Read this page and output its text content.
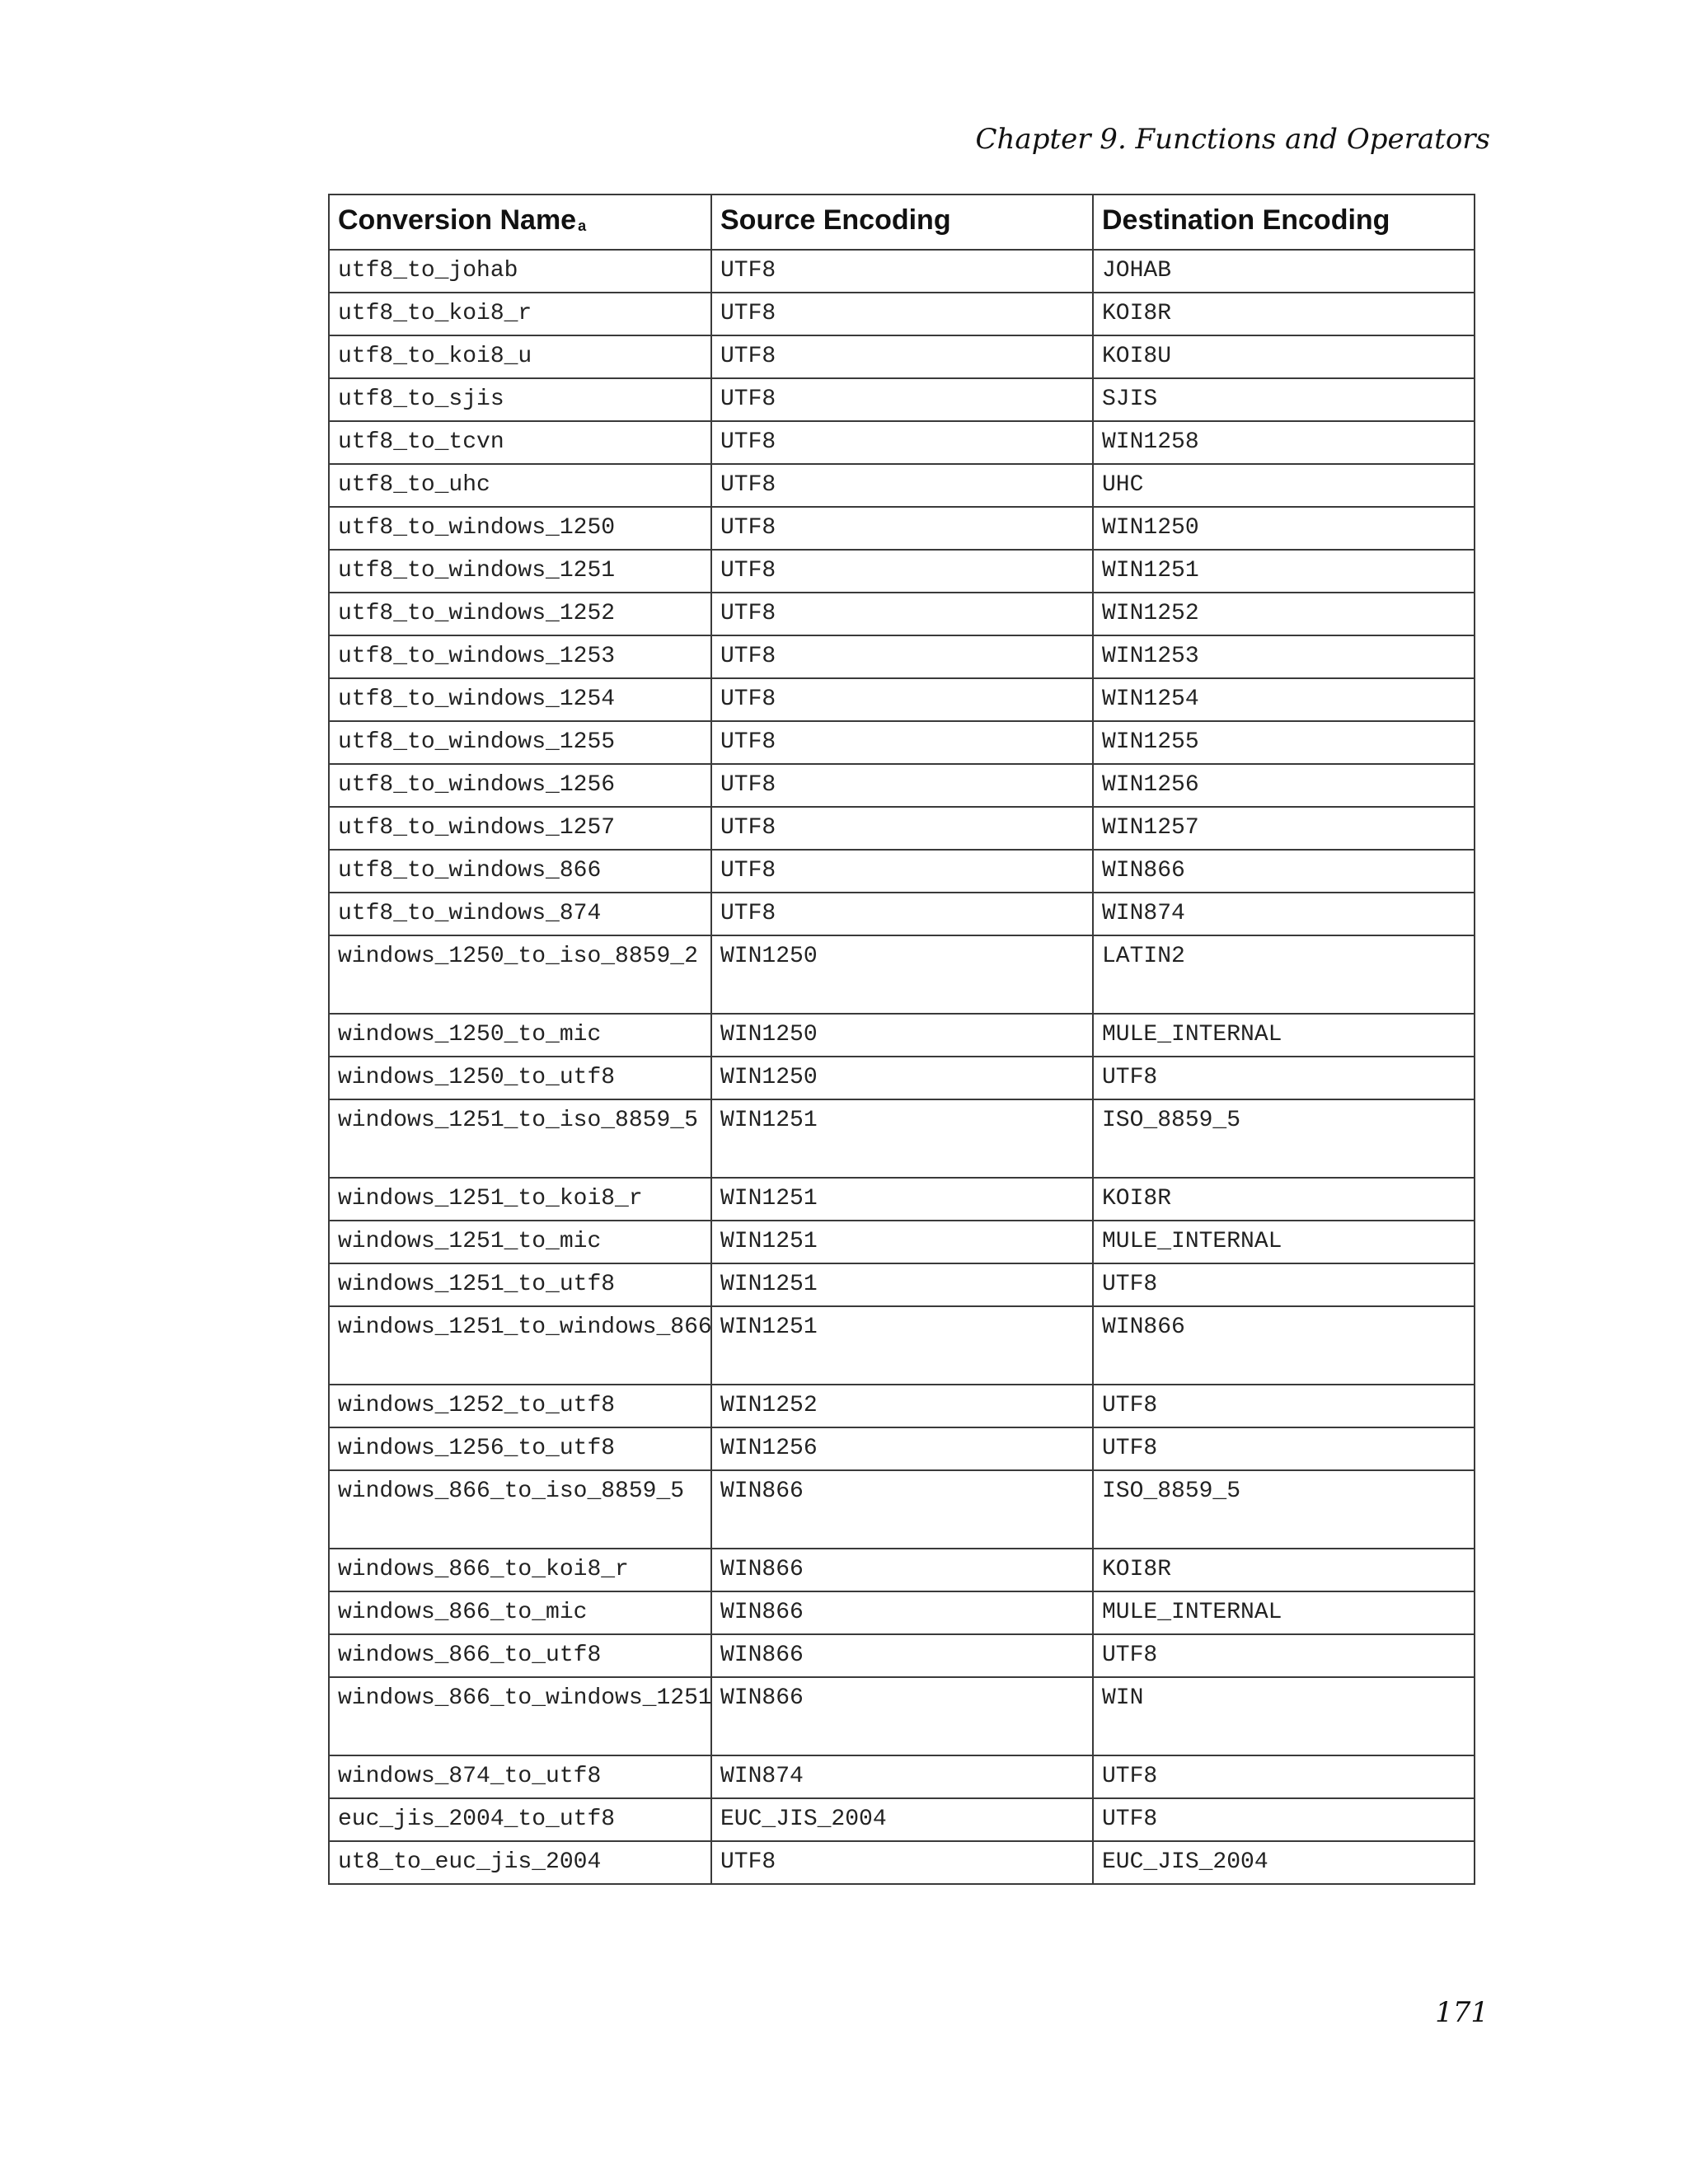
Chapter 9. Functions and Operators
Conversion Name $^a$	Source Encoding	Destination Encoding
utf8_to_johab	UTF8	JOHAB
utf8_to_koi8_r	UTF8	KOI8R
utf8_to_koi8_u	UTF8	KOI8U
utf8_to_sjis	UTF8	SJIS
utf8_to_tcvn	UTF8	WIN1258
utf8_to_uhc	UTF8	UHC
utf8_to_windows_1250	UTF8	WIN1250
utf8_to_windows_1251	UTF8	WIN1251
utf8_to_windows_1252	UTF8	WIN1252
utf8_to_windows_1253	UTF8	WIN1253
utf8_to_windows_1254	UTF8	WIN1254
utf8_to_windows_1255	UTF8	WIN1255
utf8_to_windows_1256	UTF8	WIN1256
utf8_to_windows_1257	UTF8	WIN1257
utf8_to_windows_866	UTF8	WIN866
utf8_to_windows_874	UTF8	WIN874
windows_1250_to_iso_8859_2	WIN1250	LATIN2
windows_1250_to_mic	WIN1250	MULE_INTERNAL
windows_1250_to_utf8	WIN1250	UTF8
windows_1251_to_iso_8859_5	WIN1251	ISO_8859_5
windows_1251_to_koi8_r	WIN1251	KOI8R
windows_1251_to_mic	WIN1251	MULE_INTERNAL
windows_1251_to_utf8	WIN1251	UTF8
windows_1251_to_windows_866	WIN1251	WIN866
windows_1252_to_utf8	WIN1252	UTF8
windows_1256_to_utf8	WIN1256	UTF8
windows_866_to_iso_8859_5	WIN866	ISO_8859_5
windows_866_to_koi8_r	WIN866	KOI8R
windows_866_to_mic	WIN866	MULE_INTERNAL
windows_866_to_utf8	WIN866	UTF8
windows_866_to_windows_1251	WIN866	WIN
windows_874_to_utf8	WIN874	UTF8
euc_jis_2004_to_utf8	EUC_JIS_2004	UTF8
ut8_to_euc_jis_2004	UTF8	EUC_JIS_2004
171
